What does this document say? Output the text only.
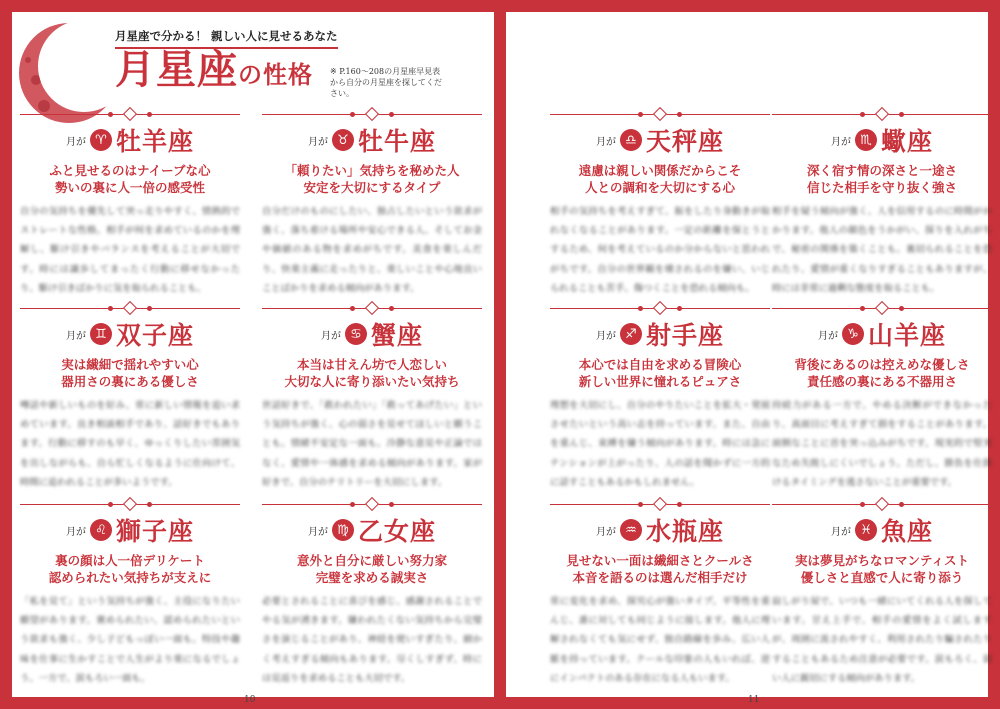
月星座で分かる！ 親しい人に見せるあなた
月星座の性格 ※ P.160～208の月星座早見表から自分の月星座を探してください。
月が ♈ 牡羊座
ふと見せるのはナイーブな心
勢いの裏に人一倍の感受性
自分の気持ちを優先して突っ走りやすく、情熱的でストレートな性格。相手が何を求めているのかを理解し、駆け引きやバランスを考えることが大切です。時には譲歩してまったく行動に移せなかったり、駆け引きばかりに気を取られることも。
月が ♉ 牡牛座
「頼りたい」気持ちを秘めた人
安定を大切にするタイプ
自分だけのものにしたい、独占したいという欲求が強く、落ち着ける場所や安心できる人、そしてお金や価値のある物を求めがちです。美食を楽しんだり、快楽主義に走ったりと、楽しいことや心地良いことばかりを求める傾向があります。
月が ♎ 天秤座
遠慮は親しい関係だからこそ
人との調和を大切にする心
相手の気持ちを考えすぎて、振をしたり身動きが取れなくなることがあります。一定の距離を保とうとするため、何を考えているのか分からないと思われがちです。自分の世界観を壊されるのを嫌い、いじられることも苦手。傷つくことを恐れる傾向も。
月が ♏ 蠍座
深く宿す情の深さと一途さ
信じた相手を守り抜く強さ
相手を疑う傾向が強く、人を信用するのに時間がかかります。他人の顔色をうかがい、探りを入れがちで、秘密の関係を築くことも。裏切られることを恐れたり、愛情が重くなりすぎることもありますが、時には非常に過剰な態度を取ることも。
月が ♊ 双子座
実は繊細で揺れやすい心
器用さの裏にある優しさ
噂話や新しいものを好み、常に新しい情報を追い求めています。良き相談相手であり、話好きでもあります。行動に移すのも早く、ゆっくりしたい雰囲気を出しながらも、自ら忙しくなるように仕向けて、時間に追われることが多いようです。
月が ♋ 蟹座
本当は甘えん坊で人恋しい
大切な人に寄り添いたい気持ち
世話好きで、「救われたい」「救ってあげたい」という気持ちが強く、心の弱さを見せてほしいと願うことも。情緒不安定な一面も。冷静な意見や正論ではなく、愛情や一体感を求める傾向があります。家が好きで、自分のテリトリーを大切にします。
月が ♐ 射手座
本心では自由を求める冒険心
新しい世界に憧れるピュアさ
理想を大切にし、自分のやりたいことを拡大・発展させたいという高い志を持っています。また、自由を重んじ、束縛を嫌う傾向があります。時には急にテンションが上がったり、人の話を聞かずに一方的に話すこともあるかもしれません。
月が ♑ 山羊座
背後にあるのは控えめな優しさ
責任感の裏にある不器用さ
持続力がある一方で、やめる決断ができなかったり、真面目に考えすぎて損をすることがあります。面倒なことに首を突っ込みがちです。現実的で堅実なため失敗しにくいでしょう。ただし、勝負を仕掛けるタイミングを逃さないことが重要です。
月が ♌ 獅子座
裏の顔は人一倍デリケート
認められたい気持ちが支えに
「私を見て」という気持ちが強く、主役になりたい願望があります。褒められたい、認められたいという欲求も強く、少し子どもっぽい一面も。特技や趣味を仕事に生かすことで人生がより楽になるでしょう。一方で、涙もろい一面も。
月が ♍ 乙女座
意外と自分に厳しい努力家
完璧を求める誠実さ
必要とされることに喜びを感じ、感謝されることでやる気が湧きます。嫌われたくない気持ちから完璧さを演じることがあり、神経を使いすぎたり、細かく考えすぎる傾向もあります。尽くしすぎず、時には見返りを求めることも大切です。
月が ♒ 水瓶座
見せない一面は繊細さとクールさ
本音を語るのは選んだ相手だけ
常に変化を求め、探究心が強いタイプ。平等性を重んじ、誰に対しても同じように接します。他人に理解されなくても気にせず、独自路線を歩み、広い人脈を持っています。クールな印象の人もいれば、逆にインパクトのある存在になる人もいます。
月が ♓ 魚座
実は夢見がちなロマンティスト
優しさと直感で人に寄り添う
寂しがり屋で、いつも一緒にいてくれる人を探しています。甘え上手で、相手の愛情をよく試しますが、周囲に流されやすく、利用されたり騙されたりすることもあるため注意が必要です。涙もろく、弱い人に親切にする傾向があります。
10	11
